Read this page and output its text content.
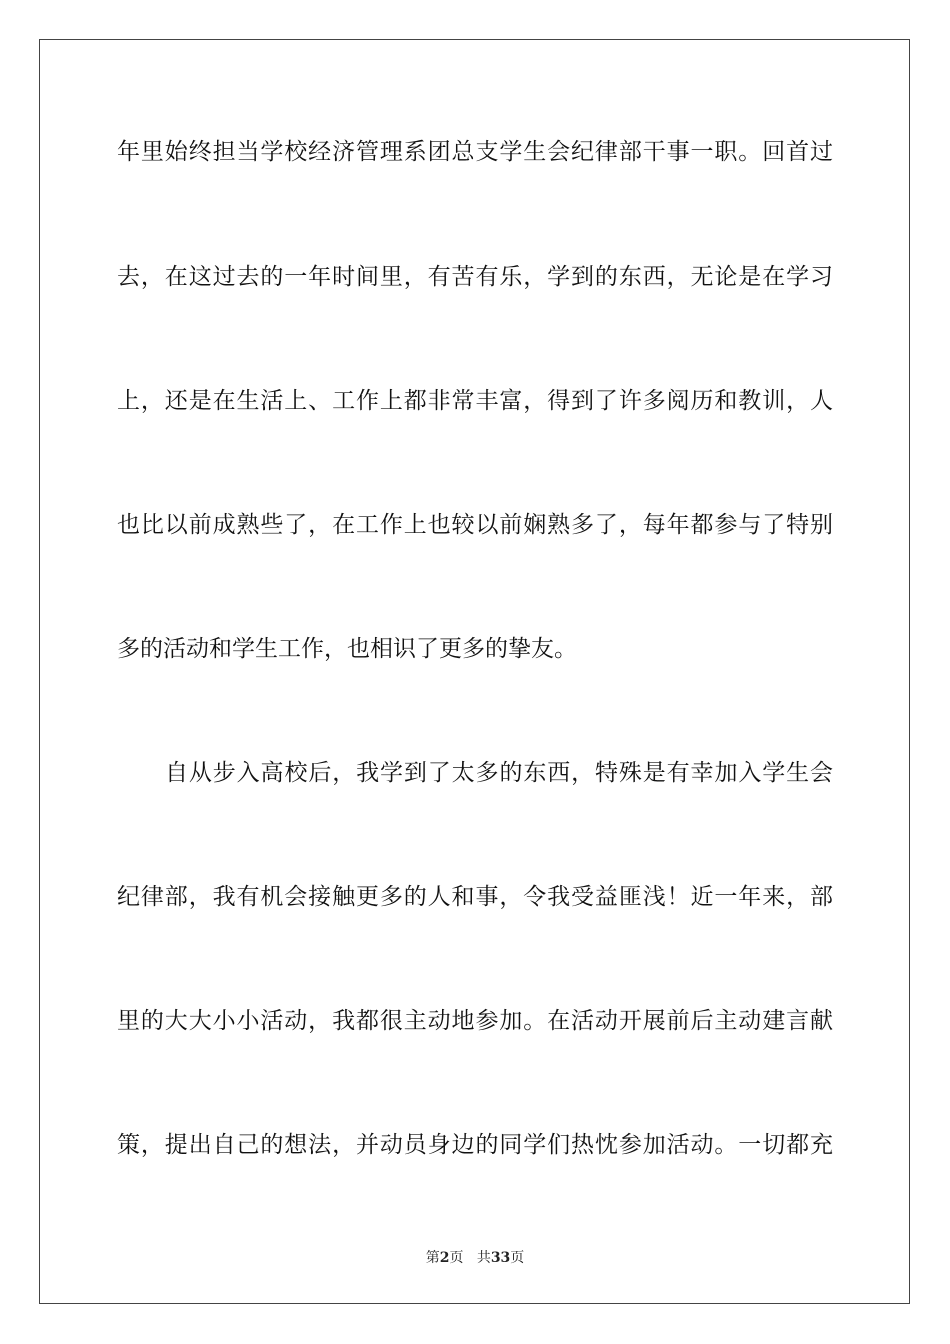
年里始终担当学校经济管理系团总支学生会纪律部干事一职。回首过
去，在这过去的一年时间里，有苦有乐，学到的东西，无论是在学习
上，还是在生活上、工作上都非常丰富，得到了许多阅历和教训，人
也比以前成熟些了，在工作上也较以前娴熟多了，每年都参与了特别
多的活动和学生工作，也相识了更多的挚友。
自从步入高校后，我学到了太多的东西，特殊是有幸加入学生会
纪律部，我有机会接触更多的人和事，令我受益匪浅！近一年来，部
里的大大小小活动，我都很主动地参加。在活动开展前后主动建言献
策，提出自己的想法，并动员身边的同学们热忱参加活动。一切都充
第2页 共33页
